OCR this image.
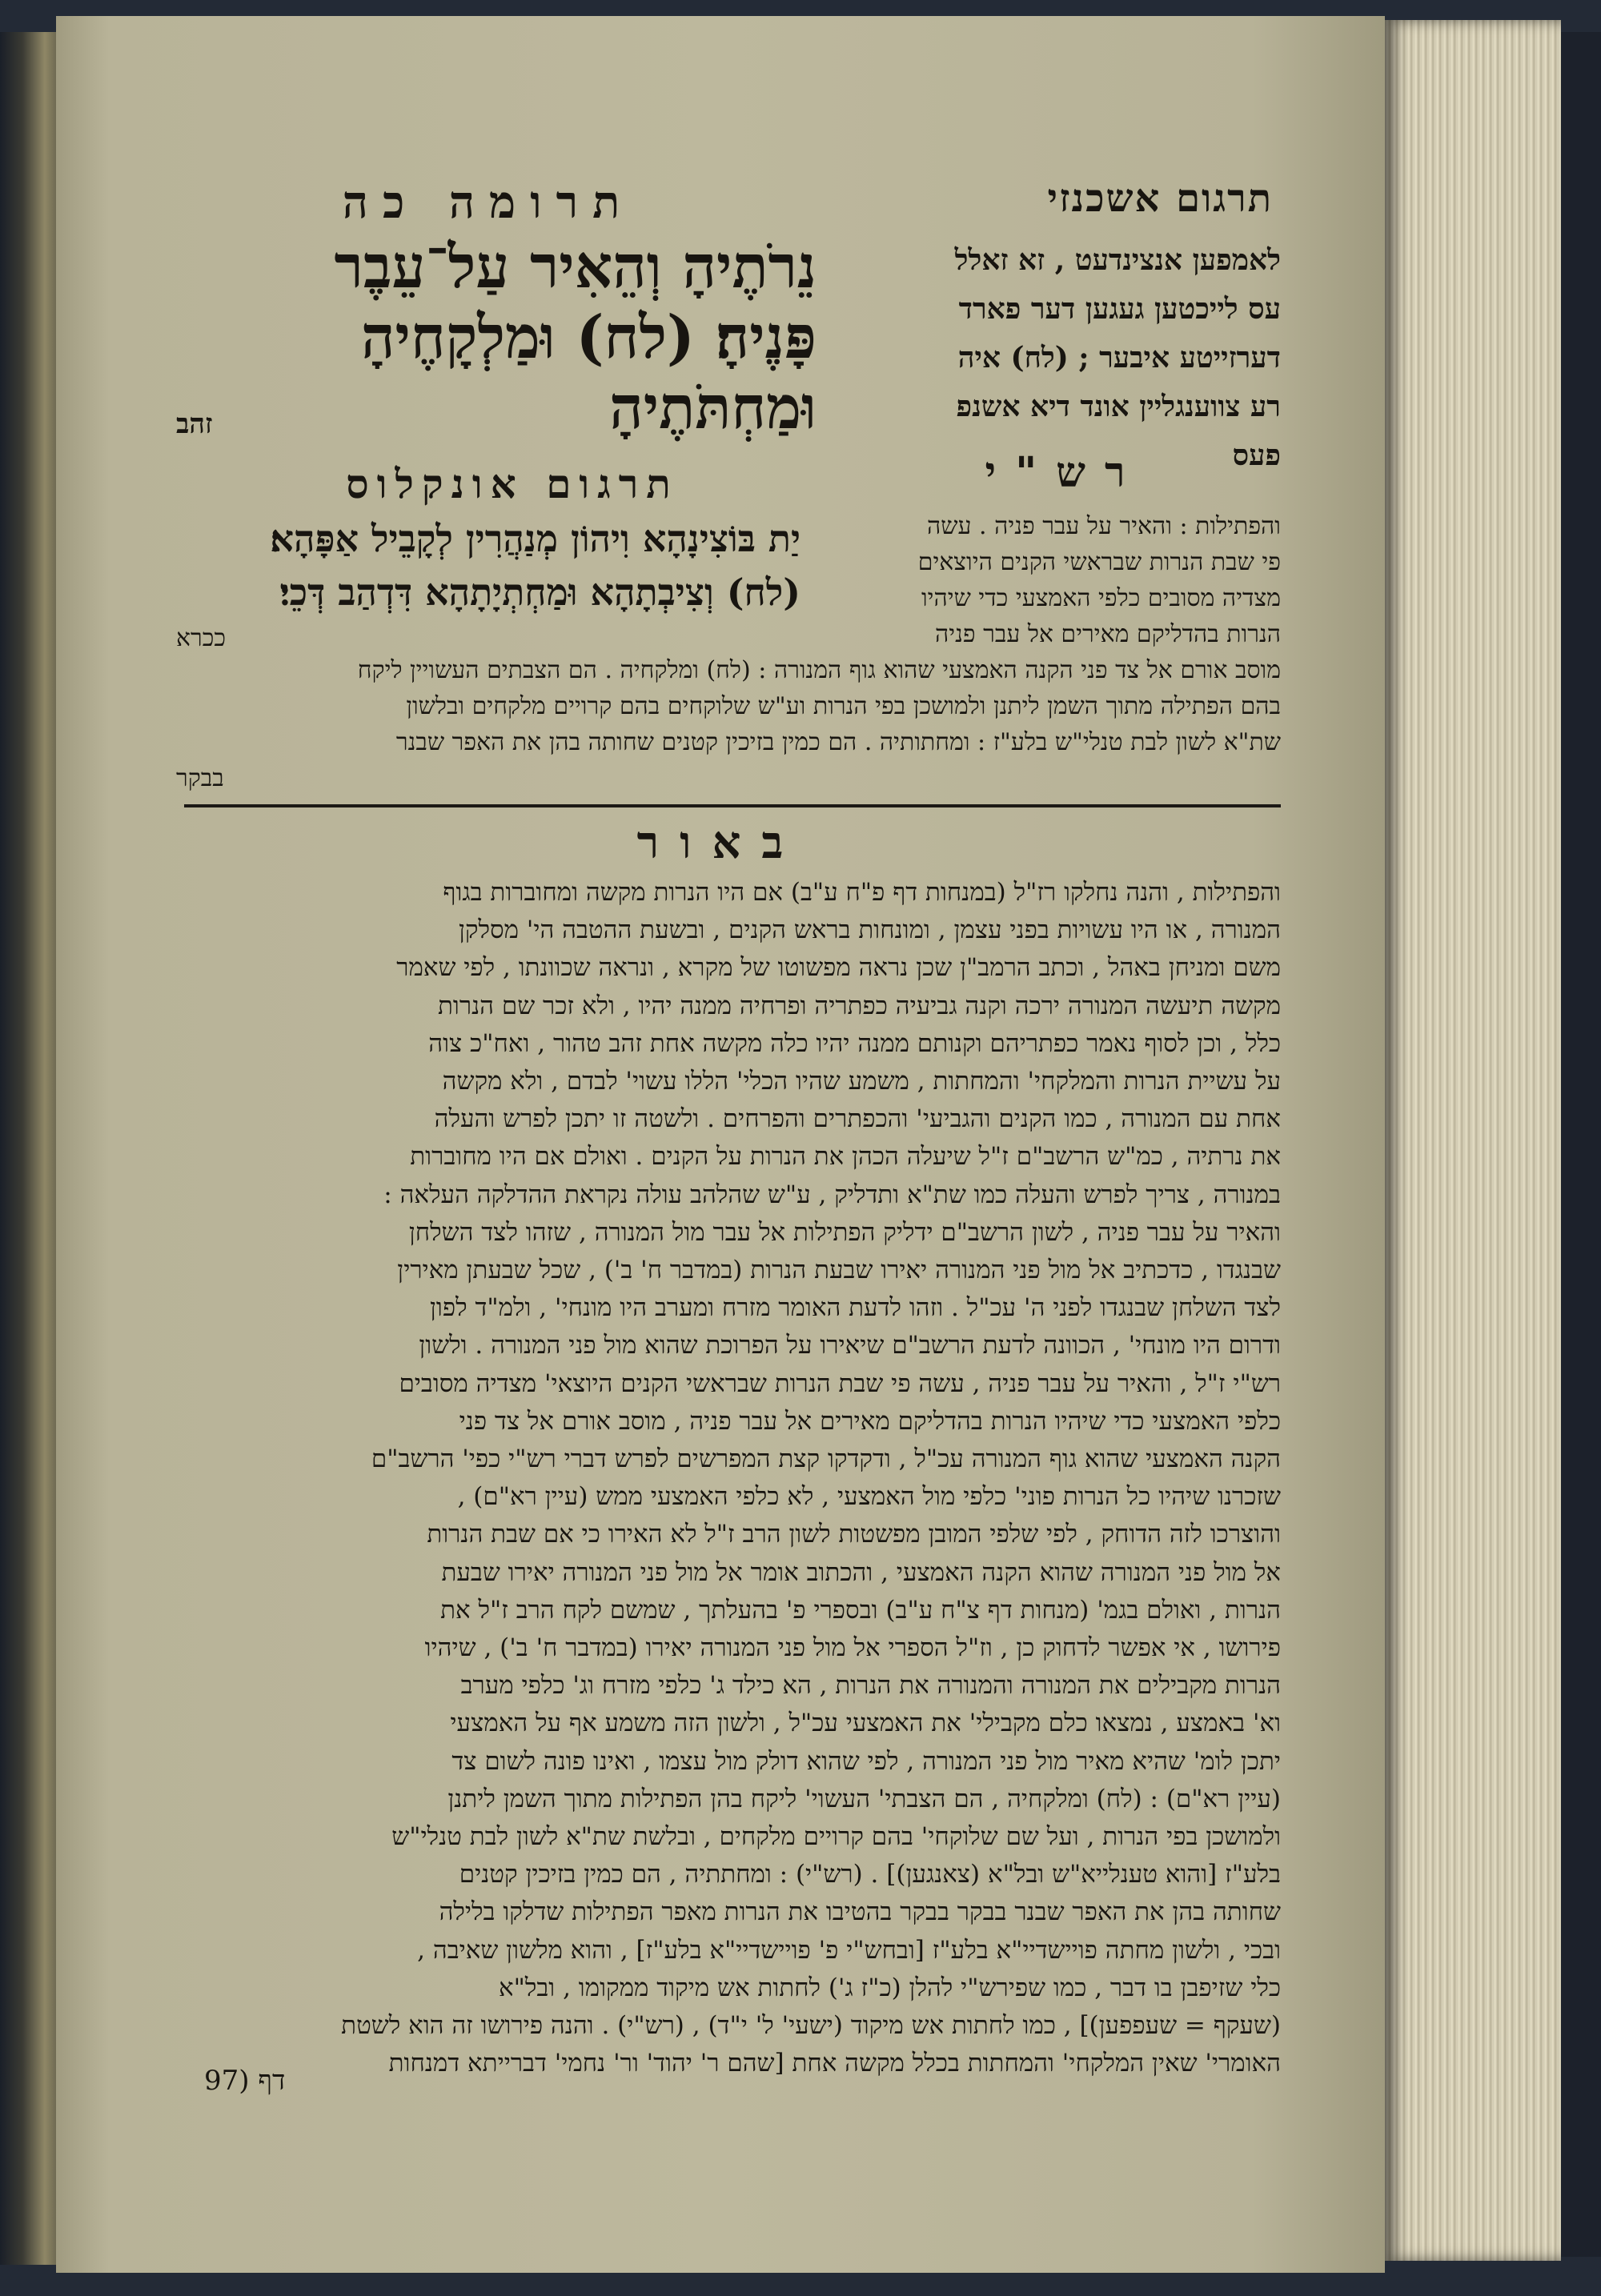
תרגום אשכנזי
תרומה כה
נֵרֹתֶיהָ וְהֵאִיר עַל־עֵבֶר
פָּנֶיהָ׃ (לח) וּמַלְקָחֶיהָ וּמַחְתֹּתֶיהָ
זהב
לאמפען אנצינדעט , זא זאלל
עס לייכטען געגען דער פארד
דערזייטע איבער ; (לח) איה
רע צווענגליין אונד דיא אשנפ
פעס
תרגום אונקלוס
יַת בּוֹצִינָהָא וִיהוֹן מְנַהֲרִין לְקָבֵיל אַפָּהָא׃
(לח) וְצִיבְתָהָא וּמַחְתְיָתָהָא דִּדְהַב דְּכֵי׃
ככרא
רש"י
והפתילות : והאיר על עבר פניה . עשה
פי שבת הנרות שבראשי הקנים היוצאים
מצדיה מסובים כלפי האמצעי כדי שיהיו
הנרות בהדליקם מאירים אל עבר פניה
מוסב אורם אל צד פני הקנה האמצעי שהוא גוף המנורה : (לח) ומלקחיה . הם הצבתים העשויין ליקח
בהם הפתילה מתוך השמן ליתנן ולמושכן בפי הנרות וע"ש שלוקחים בהם קרויים מלקחים ובלשון
שת"א לשון לבת טנלי"ש בלע"ז : ומחתותיה . הם כמין בזיכין קטנים שחותה בהן את האפר שבנר
בבקר
באור

והפתילות , והנה נחלקו רז"ל (במנחות דף פ"ח ע"ב) אם היו הנרות מקשה ומחוברות בגוף

המנורה , או היו עשויות בפני עצמן , ומונחות בראש הקנים , ובשעת ההטבה הי' מסלקן

משם ומניחן באהל , וכתב הרמב"ן שכן נראה מפשוטו של מקרא , ונראה שכוונתו , לפי שאמר

מקשה תיעשה המנורה ירכה וקנה גביעיה כפתריה ופרחיה ממנה יהיו , ולא זכר שם הנרות

כלל , וכן לסוף נאמר כפתריהם וקנותם ממנה יהיו כלה מקשה אחת זהב טהור , ואח"כ צוה

על עשיית הנרות והמלקחי' והמחתות , משמע שהיו הכלי' הללו עשוי' לבדם , ולא מקשה

אחת עם המנורה , כמו הקנים והגביעי' והכפתרים והפרחים . ולשטה זו יתכן לפרש והעלה

את נרתיה , כמ"ש הרשב"ם ז"ל שיעלה הכהן את הנרות על הקנים . ואולם אם היו מחוברות

במנורה , צריך לפרש והעלה כמו שת"א ותדליק , ע"ש שהלהב עולה נקראת ההדלקה העלאה :

והאיר על עבר פניה , לשון הרשב"ם ידליק הפתילות אל עבר מול המנורה , שזהו לצד השלחן

שבנגדו , כדכתיב אל מול פני המנורה יאירו שבעת הנרות (במדבר ח' ב') , שכל שבעתן מאירין

לצד השלחן שבנגדו לפני ה' עכ"ל . וזהו לדעת האומר מזרח ומערב היו מונחי' , ולמ"ד לפון

ודרום היו מונחי' , הכוונה לדעת הרשב"ם שיאירו על הפרוכת שהוא מול פני המנורה . ולשון

רש"י ז"ל , והאיר על עבר פניה , עשה פי שבת הנרות שבראשי הקנים היוצאי' מצדיה מסובים

כלפי האמצעי כדי שיהיו הנרות בהדליקם מאירים אל עבר פניה , מוסב אורם אל צד פני

הקנה האמצעי שהוא גוף המנורה עכ"ל , ודקדקו קצת המפרשים לפרש דברי רש"י כפי' הרשב"ם

שזכרנו שיהיו כל הנרות פוני' כלפי מול האמצעי , לא כלפי האמצעי ממש (עיין רא"ם) ,

והוצרכו לזה הדוחק , לפי שלפי המובן מפשטות לשון הרב ז"ל לא האירו כי אם שבת הנרות

אל מול פני המנורה שהוא הקנה האמצעי , והכתוב אומר אל מול פני המנורה יאירו שבעת

הנרות , ואולם בגמ' (מנחות דף צ"ח ע"ב) ובספרי פ' בהעלתך , שמשם לקח הרב ז"ל את

פירושו , אי אפשר לדחוק כן , וז"ל הספרי אל מול פני המנורה יאירו (במדבר ח' ב') , שיהיו

הנרות מקבילים את המנורה והמנורה את הנרות , הא כילד ג' כלפי מזרח וג' כלפי מערב

וא' באמצע , נמצאו כלם מקבילי' את האמצעי עכ"ל , ולשון הזה משמע אף על האמצעי

יתכן לומ' שהיא מאיר מול פני המנורה , לפי שהוא דולק מול עצמו , ואינו פונה לשום צד

(עיין רא"ם) : (לח) ומלקחיה , הם הצבתי' העשוי' ליקח בהן הפתילות מתוך השמן ליתנן

ולמושכן בפי הנרות , ועל שם שלוקחי' בהם קרויים מלקחים , ובלשת שת"א לשון לבת טנלי"ש

בלע"ז [והוא טענלייא"ש ובל"א (צאנגען)] . (רש"י) : ומחתתיה , הם כמין בזיכין קטנים

שחותה בהן את האפר שבנר בבקר בבקר בהטיבו את הנרות מאפר הפתילות שדלקו בלילה

ובכי , ולשון מחתה פויישדיי"א בלע"ז [ובחש"י פ' פויישדיי"א בלע"ז] , והוא מלשון שאיבה ,

כלי שזיפבן בו דבר , כמו שפירש"י להלן (כ"ז ג') לחתות אש מיקוד ממקומו , ובל"א

(שעקף = שעפפען)] , כמו לחתות אש מיקוד (ישעי' ל' י"ד) , (רש"י) . והנה פירושו זה הוא לשטת

האומרי' שאין המלקחי' והמחתות בכלל מקשה אחת [שהם ר' יהוד' ור' נחמי' דברייתא דמנחות

דף (97
